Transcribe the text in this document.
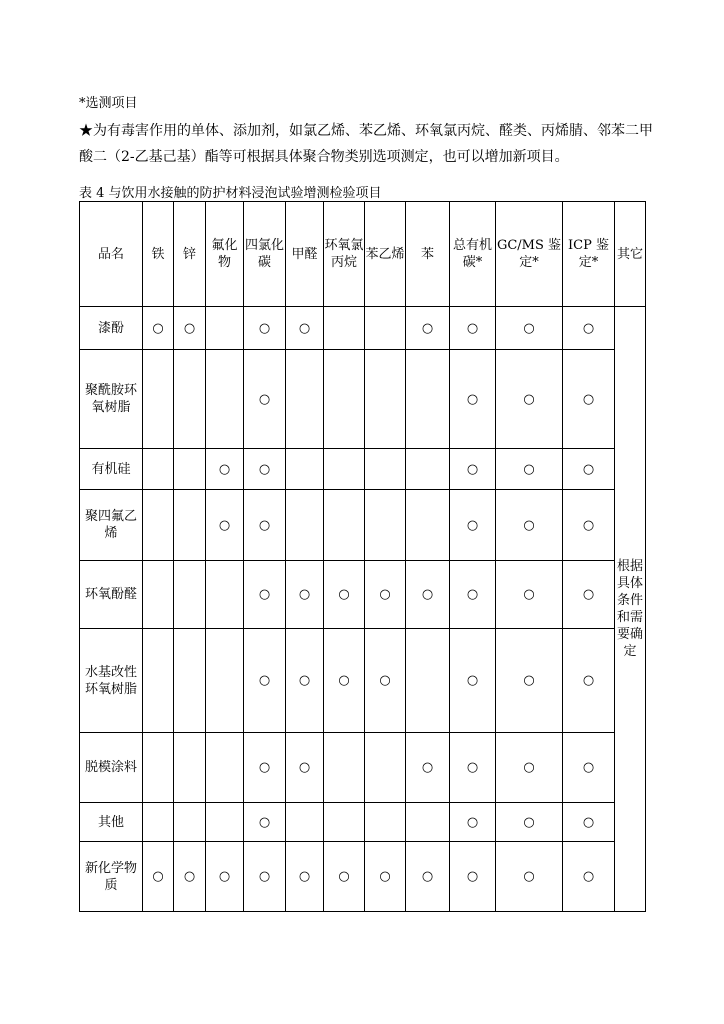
*选测项目
★为有毒害作用的单体、添加剂，如氯乙烯、苯乙烯、环氧氯丙烷、醛类、丙烯腈、邻苯二甲酸二（2-乙基己基）酯等可根据具体聚合物类别选项测定，也可以增加新项目。
表 4 与饮用水接触的防护材料浸泡试验增测检验项目
品名	铁	锌	氟化物	四氯化碳	甲醛	环氧氯丙烷	苯乙烯	苯	总有机碳*	GC/MS 鉴定*	ICP 鉴定*	其它
漆酚	○	○		○	○			○	○	○	○	根据具体条件和需要确定
聚酰胺环氧树脂				○					○	○	○	
有机硅			○	○					○	○	○	
聚四氟乙烯			○	○					○	○	○	
环氧酚醛				○	○	○	○	○	○	○	○	
水基改性环氧树脂				○	○	○	○		○	○	○	
脱模涂料				○	○			○	○	○	○	
其他				○					○	○	○	
新化学物质	○	○	○	○	○	○	○	○	○	○	○	
